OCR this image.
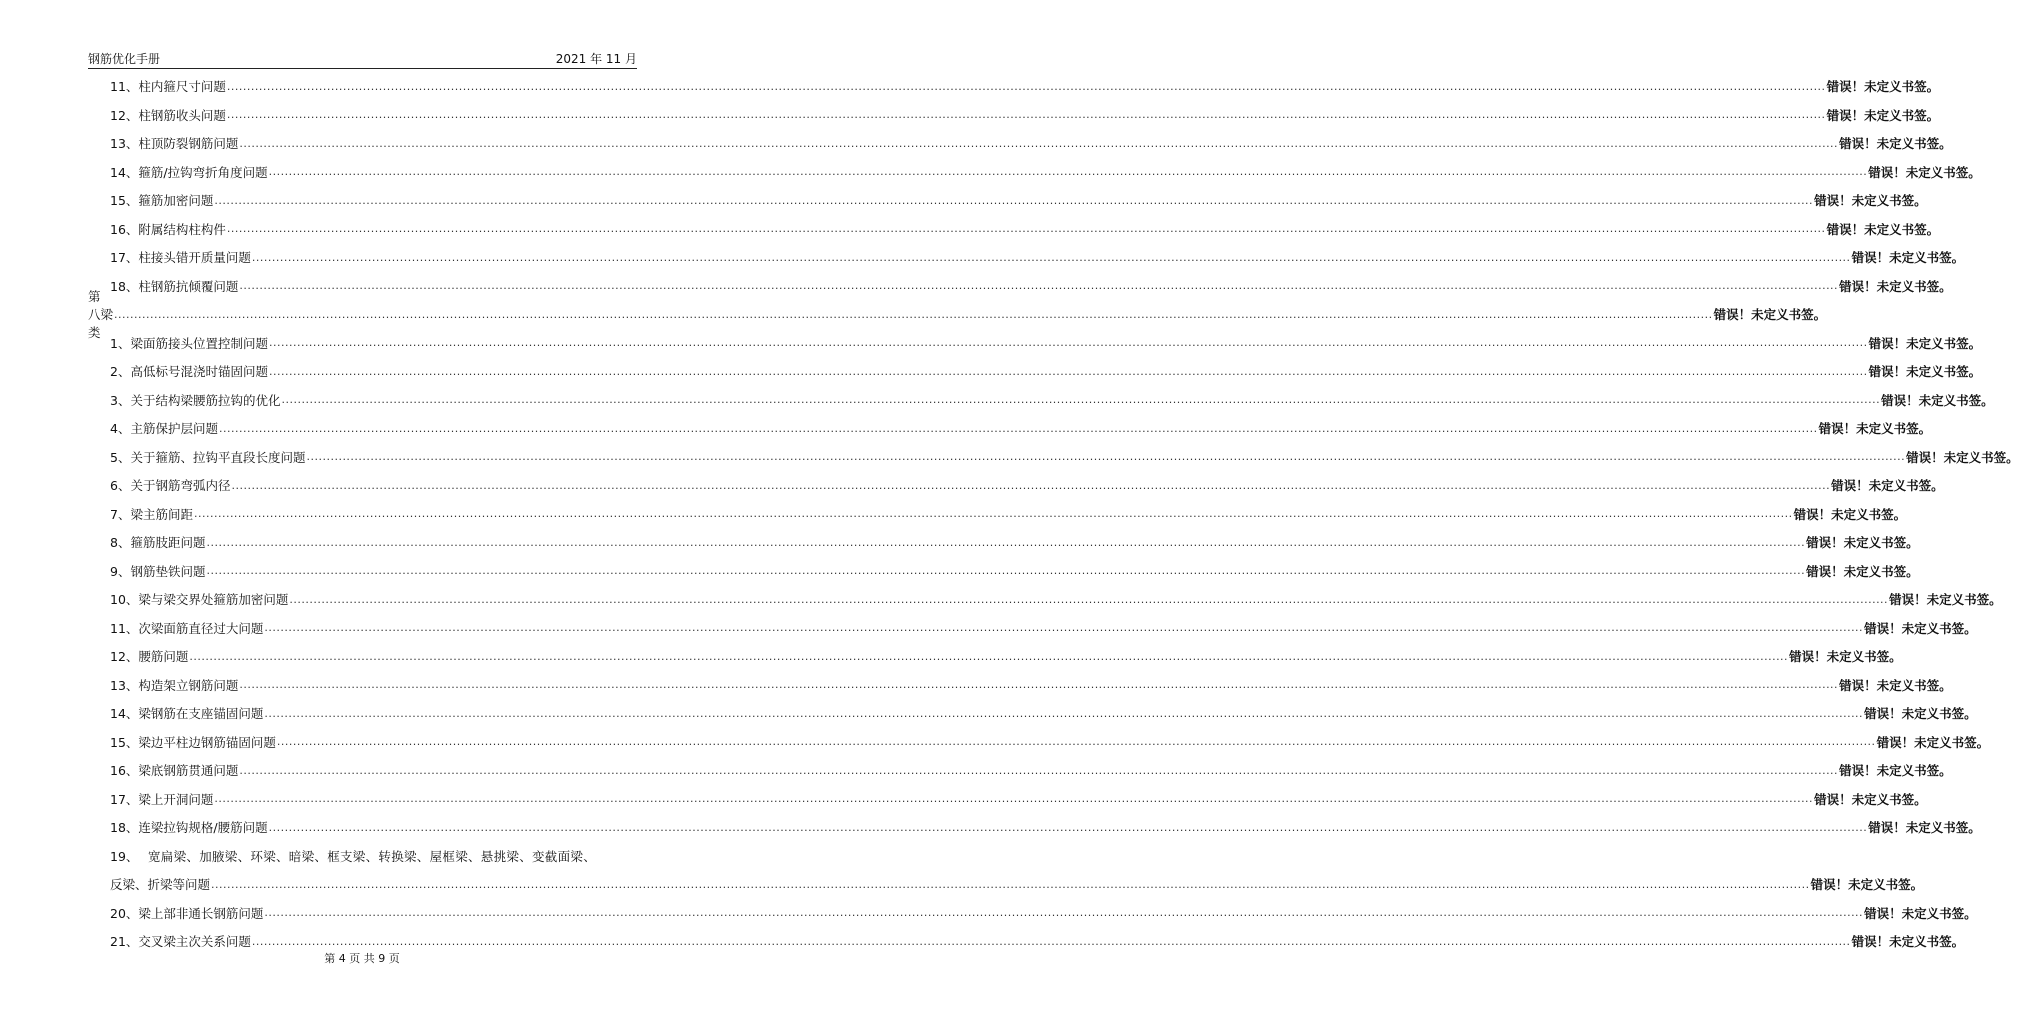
钢筋优化手册	2021 年 11 月
11、 柱内箍尺寸问题 ................................................................................................................................................................................................................................................................................................................................................................................................................ 错误！未定义书签。
12、 柱钢筋收头问题 ................................................................................................................................................................................................................................................................................................................................................................................................................ 错误！未定义书签。
13、 柱顶防裂钢筋问题 ................................................................................................................................................................................................................................................................................................................................................................................................................ 错误！未定义书签。
14、 箍筋/拉钩弯折角度问题 ................................................................................................................................................................................................................................................................................................................................................................................................................ 错误！未定义书签。
15、 箍筋加密问题 ................................................................................................................................................................................................................................................................................................................................................................................................................ 错误！未定义书签。
16、 附属结构柱构件 ................................................................................................................................................................................................................................................................................................................................................................................................................ 错误！未定义书签。
17、 柱接头错开质量问题 ................................................................................................................................................................................................................................................................................................................................................................................................................ 错误！未定义书签。
18、 柱钢筋抗倾覆问题 ................................................................................................................................................................................................................................................................................................................................................................................................................ 错误！未定义书签。
第八类
梁 ................................................................................................................................................................................................................................................................................................................................................................................................................ 错误！未定义书签。
1、 梁面筋接头位置控制问题 ................................................................................................................................................................................................................................................................................................................................................................................................................ 错误！未定义书签。
2、 高低标号混浇时锚固问题 ................................................................................................................................................................................................................................................................................................................................................................................................................ 错误！未定义书签。
3、 关于结构梁腰筋拉钩的优化 ................................................................................................................................................................................................................................................................................................................................................................................................................ 错误！未定义书签。
4、 主筋保护层问题 ................................................................................................................................................................................................................................................................................................................................................................................................................ 错误！未定义书签。
5、 关于箍筋、拉钩平直段长度问题 ................................................................................................................................................................................................................................................................................................................................................................................................................ 错误！未定义书签。
6、 关于钢筋弯弧内径 ................................................................................................................................................................................................................................................................................................................................................................................................................ 错误！未定义书签。
7、 梁主筋间距 ................................................................................................................................................................................................................................................................................................................................................................................................................ 错误！未定义书签。
8、 箍筋肢距问题 ................................................................................................................................................................................................................................................................................................................................................................................................................ 错误！未定义书签。
9、 钢筋垫铁问题 ................................................................................................................................................................................................................................................................................................................................................................................................................ 错误！未定义书签。
10、 梁与梁交界处箍筋加密问题 ................................................................................................................................................................................................................................................................................................................................................................................................................ 错误！未定义书签。
11、 次梁面筋直径过大问题 ................................................................................................................................................................................................................................................................................................................................................................................................................ 错误！未定义书签。
12、 腰筋问题 ................................................................................................................................................................................................................................................................................................................................................................................................................ 错误！未定义书签。
13、 构造架立钢筋问题 ................................................................................................................................................................................................................................................................................................................................................................................................................ 错误！未定义书签。
14、 梁钢筋在支座锚固问题 ................................................................................................................................................................................................................................................................................................................................................................................................................ 错误！未定义书签。
15、 梁边平柱边钢筋锚固问题 ................................................................................................................................................................................................................................................................................................................................................................................................................ 错误！未定义书签。
16、 梁底钢筋贯通问题 ................................................................................................................................................................................................................................................................................................................................................................................................................ 错误！未定义书签。
17、 梁上开洞问题 ................................................................................................................................................................................................................................................................................................................................................................................................................ 错误！未定义书签。
18、 连梁拉钩规格/腰筋问题 ................................................................................................................................................................................................................................................................................................................................................................................................................ 错误！未定义书签。
19、 宽扁梁、加腋梁、环梁、暗梁、框支梁、转换梁、屋框梁、悬挑梁、变截面梁、
反梁、折梁等问题 ................................................................................................................................................................................................................................................................................................................................................................................................................ 错误！未定义书签。
20、 梁上部非通长钢筋问题 ................................................................................................................................................................................................................................................................................................................................................................................................................ 错误！未定义书签。
21、 交叉梁主次关系问题 ................................................................................................................................................................................................................................................................................................................................................................................................................ 错误！未定义书签。
第 4 页 共 9 页
